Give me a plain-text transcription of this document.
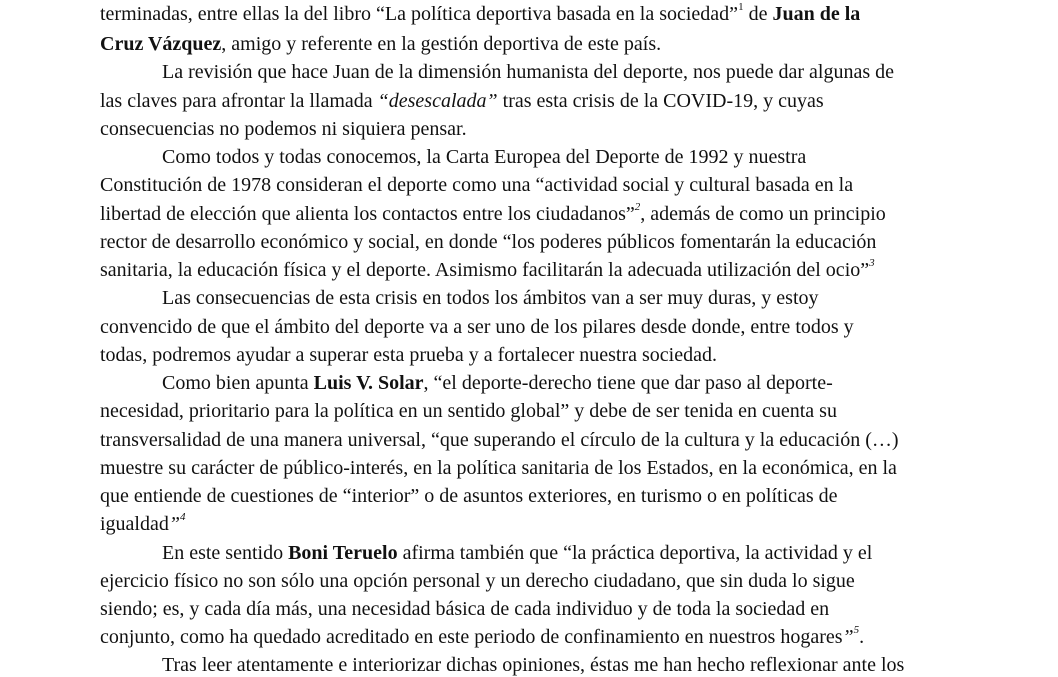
terminadas, entre ellas la del libro “La política deportiva basada en la sociedad”$^1$ de Juan de la

Cruz Vázquez, amigo y referente en la gestión deportiva de este país.

La revisión que hace Juan de la dimensión humanista del deporte, nos puede dar algunas de

las claves para afrontar la llamada “desescalada” tras esta crisis de la COVID-19, y cuyas

consecuencias no podemos ni siquiera pensar.

Como todos y todas conocemos, la Carta Europea del Deporte de 1992 y nuestra

Constitución de 1978 consideran el deporte como una “actividad social y cultural basada en la

libertad de elección que alienta los contactos entre los ciudadanos”$^2$, además de como un principio

rector de desarrollo económico y social, en donde “los poderes públicos fomentarán la educación

sanitaria, la educación física y el deporte. Asimismo facilitarán la adecuada utilización del ocio”$^3$

Las consecuencias de esta crisis en todos los ámbitos van a ser muy duras, y estoy

convencido de que el ámbito del deporte va a ser uno de los pilares desde donde, entre todos y

todas, podremos ayudar a superar esta prueba y a fortalecer nuestra sociedad.

Como bien apunta Luis V. Solar, “el deporte-derecho tiene que dar paso al deporte-

necesidad, prioritario para la política en un sentido global” y debe de ser tenida en cuenta su

transversalidad de una manera universal, “que superando el círculo de la cultura y la educación (…)

muestre su carácter de público-interés, en la política sanitaria de los Estados, en la económica, en la

que entiende de cuestiones de “interior” o de asuntos exteriores, en turismo o en políticas de

igualdad”$^4$

En este sentido Boni Teruelo afirma también que “la práctica deportiva, la actividad y el

ejercicio físico no son sólo una opción personal y un derecho ciudadano, que sin duda lo sigue

siendo; es, y cada día más, una necesidad básica de cada individuo y de toda la sociedad en

conjunto, como ha quedado acreditado en este periodo de confinamiento en nuestros hogares”$^5$.

Tras leer atentamente e interiorizar dichas opiniones, éstas me han hecho reflexionar ante los
